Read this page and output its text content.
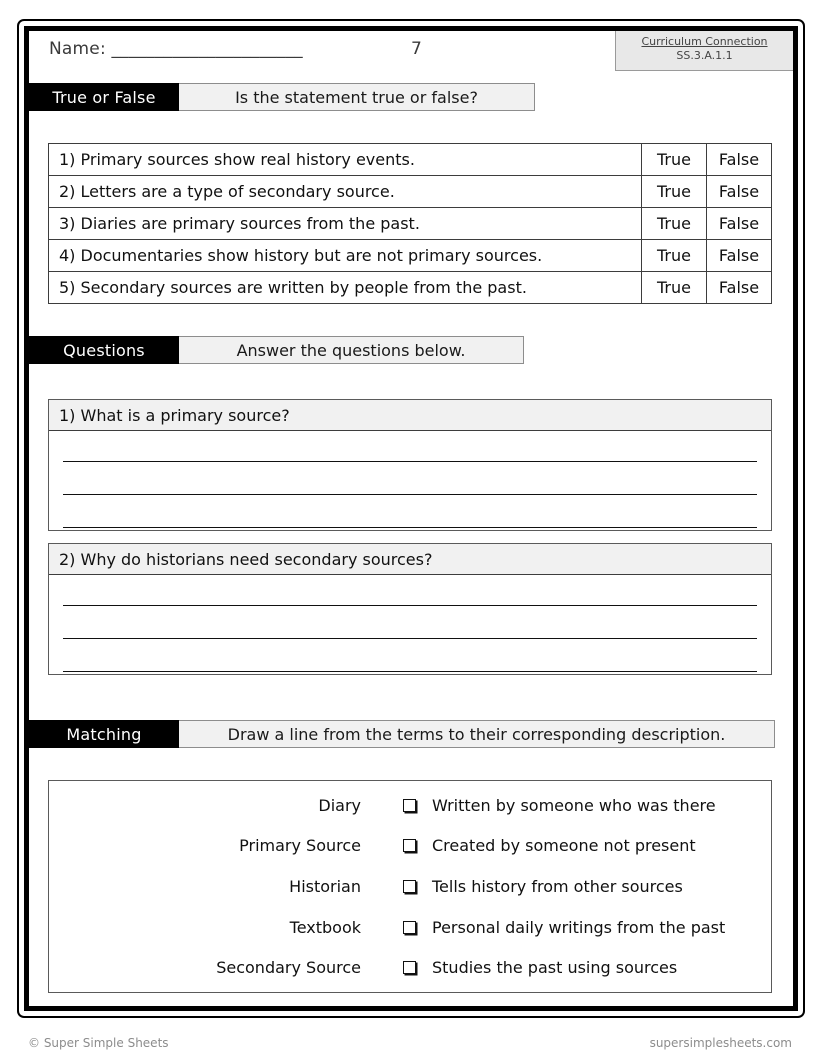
Name: ______________________	7	Curriculum Connection
SS.3.A.1.1
True or False	Is the statement true or false?
1) Primary sources show real history events.	True	False
2) Letters are a type of secondary source.	True	False
3) Diaries are primary sources from the past.	True	False
4) Documentaries show history but are not primary sources.	True	False
5) Secondary sources are written by people from the past.	True	False
Questions	Answer the questions below.
1) What is a primary source?
2) Why do historians need secondary sources?
Matching	Draw a line from the terms to their corresponding description.
Diary	Written by someone who was there
Primary Source	Created by someone not present
Historian	Tells history from other sources
Textbook	Personal daily writings from the past
Secondary Source	Studies the past using sources
© Super Simple Sheets	supersimplesheets.com
